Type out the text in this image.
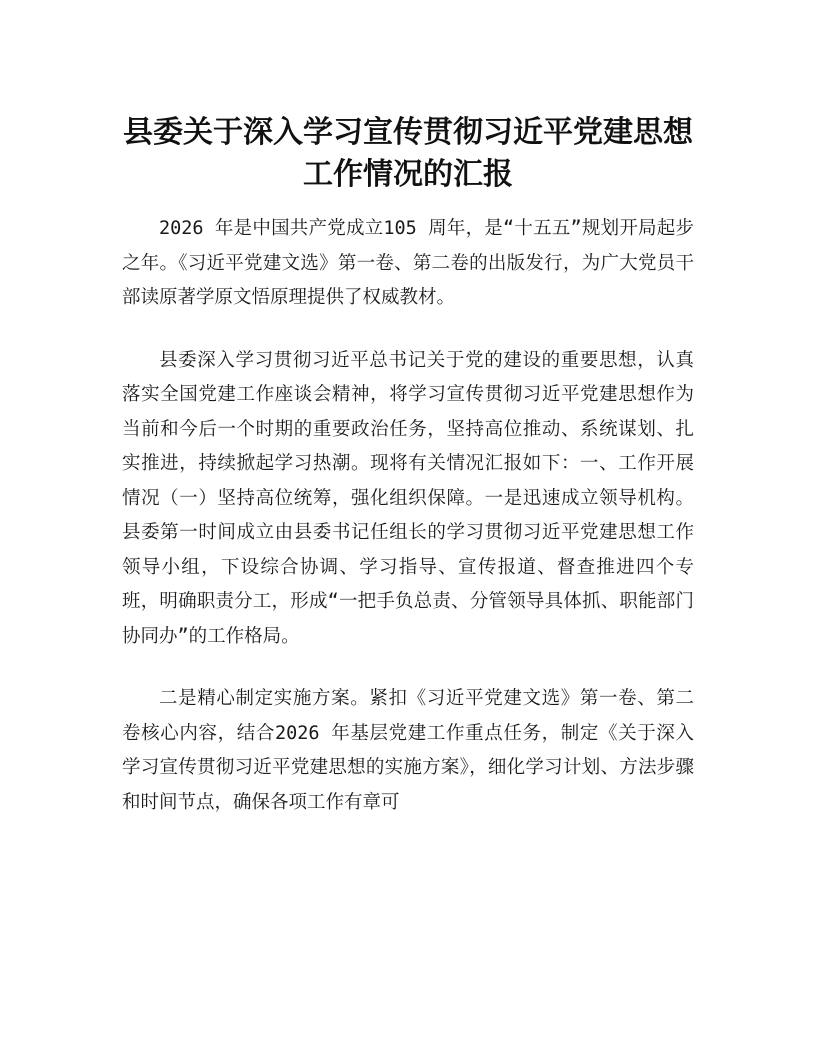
县委关于深入学习宣传贯彻习近平党建思想
工作情况的汇报

2026 年是中国共产党成立105 周年，是“十五五”规划开局起步之年。《习近平党建文选》第一卷、第二卷的出版发行，为广大党员干部读原著学原文悟原理提供了权威教材。

县委深入学习贯彻习近平总书记关于党的建设的重要思想，认真落实全国党建工作座谈会精神，将学习宣传贯彻习近平党建思想作为当前和今后一个时期的重要政治任务，坚持高位推动、系统谋划、扎实推进，持续掀起学习热潮。现将有关情况汇报如下：一、工作开展情况（一）坚持高位统筹，强化组织保障。一是迅速成立领导机构。县委第一时间成立由县委书记任组长的学习贯彻习近平党建思想工作领导小组，下设综合协调、学习指导、宣传报道、督查推进四个专班，明确职责分工，形成“一把手负总责、分管领导具体抓、职能部门协同办”的工作格局。

二是精心制定实施方案。紧扣《习近平党建文选》第一卷、第二卷核心内容，结合2026 年基层党建工作重点任务，制定《关于深入学习宣传贯彻习近平党建思想的实施方案》，细化学习计划、方法步骤和时间节点，确保各项工作有章可
